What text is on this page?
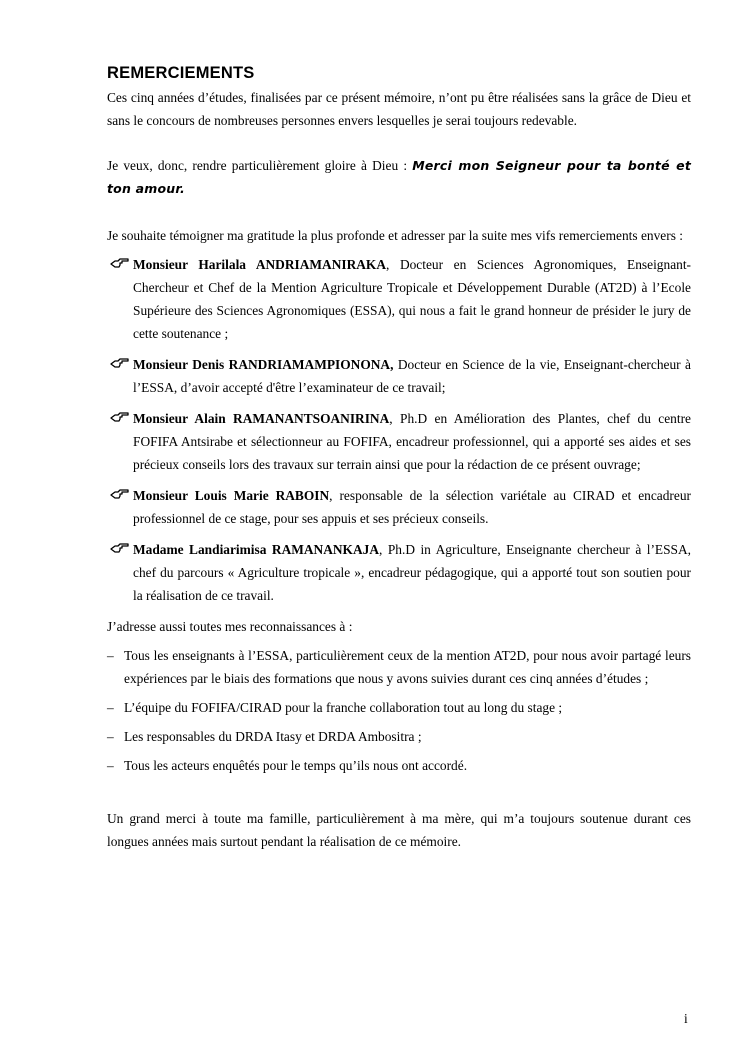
REMERCIEMENTS

Ces cinq années d’études, finalisées par ce présent mémoire, n’ont pu être réalisées sans la grâce de Dieu et sans le concours de nombreuses personnes envers lesquelles je serai toujours redevable.

Je veux, donc, rendre particulièrement gloire à Dieu : Merci mon Seigneur pour ta bonté et ton amour.

Je souhaite témoigner ma gratitude la plus profonde et adresser par la suite mes vifs remerciements envers :

Monsieur Harilala ANDRIAMANIRAKA, Docteur en Sciences Agronomiques, Enseignant-Chercheur et Chef de la Mention Agriculture Tropicale et Développement Durable (AT2D) à l’Ecole Supérieure des Sciences Agronomiques (ESSA), qui nous a fait le grand honneur de présider le jury de cette soutenance ;
Monsieur Denis RANDRIAMAMPIONONA, Docteur en Science de la vie, Enseignant-chercheur à l’ESSA, d’avoir accepté d'être l’examinateur de ce travail;
Monsieur Alain RAMANANTSOANIRINA, Ph.D en Amélioration des Plantes, chef du centre FOFIFA Antsirabe et sélectionneur au FOFIFA, encadreur professionnel, qui a apporté ses aides et ses précieux conseils lors des travaux sur terrain ainsi que pour la rédaction de ce présent ouvrage;
Monsieur Louis Marie RABOIN, responsable de la sélection variétale au CIRAD et encadreur professionnel de ce stage, pour ses appuis et ses précieux conseils.
Madame Landiarimisa RAMANANKAJA, Ph.D in Agriculture, Enseignante chercheur à l’ESSA, chef du parcours « Agriculture tropicale », encadreur pédagogique, qui a apporté tout son soutien pour la réalisation de ce travail.

J’adresse aussi toutes mes reconnaissances à :

– Tous les enseignants à l’ESSA, particulièrement ceux de la mention AT2D, pour nous avoir partagé leurs expériences par le biais des formations que nous y avons suivies durant ces cinq années d’études ;
– L’équipe du FOFIFA/CIRAD pour la franche collaboration tout au long du stage ;
– Les responsables du DRDA Itasy et DRDA Ambositra ;
– Tous les acteurs enquêtés pour le temps qu’ils nous ont accordé.

Un grand merci à toute ma famille, particulièrement à ma mère, qui m’a toujours soutenue durant ces longues années mais surtout pendant la réalisation de ce mémoire.

i
